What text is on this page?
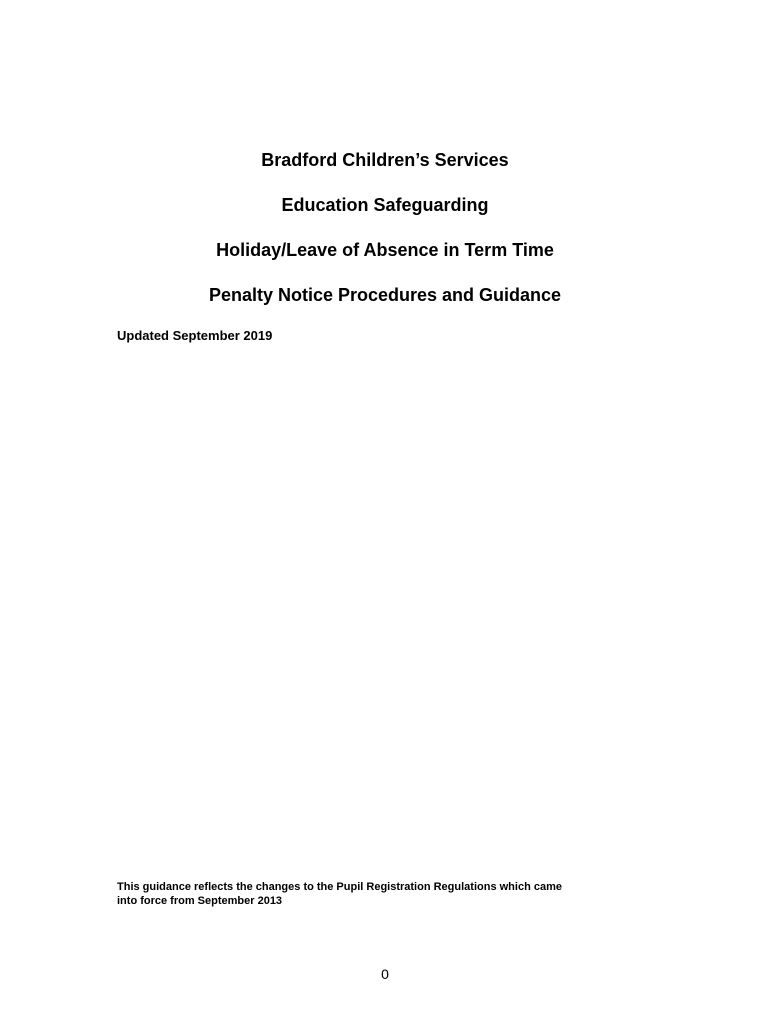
Bradford Children’s Services
Education Safeguarding
Holiday/Leave of Absence in Term Time
Penalty Notice Procedures and Guidance
Updated September 2019
This guidance reflects the changes to the Pupil Registration Regulations which came
into force from September 2013
0
